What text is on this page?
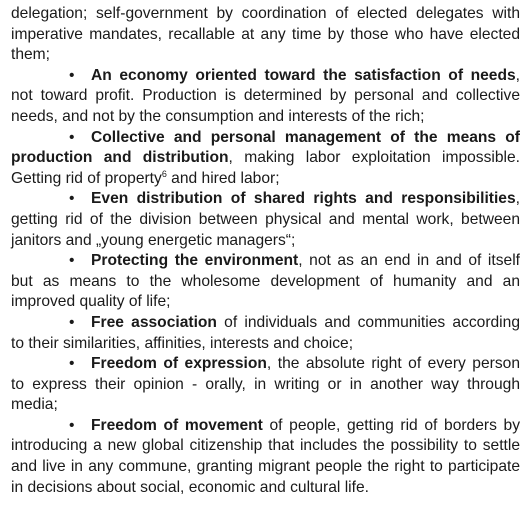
delegation; self-government by coordination of elected delegates with imperative mandates, recallable at any time by those who have elected them;

• An economy oriented toward the satisfaction of needs, not toward profit. Production is determined by personal and collective needs, and not by the consumption and interests of the rich;

• Collective and personal management of the means of production and distribution, making labor exploitation impossible. Getting rid of property$^6$ and hired labor;

• Even distribution of shared rights and responsibilities, getting rid of the division between physical and mental work, between janitors and „young energetic managers“;

• Protecting the environment, not as an end in and of itself but as means to the wholesome development of humanity and an improved quality of life;

• Free association of individuals and communities according to their similarities, affinities, interests and choice;

• Freedom of expression, the absolute right of every person to express their opinion - orally, in writing or in another way through media;

• Freedom of movement of people, getting rid of borders by introducing a new global citizenship that includes the possibility to settle and live in any commune, granting migrant people the right to participate in decisions about social, economic and cultural life.
